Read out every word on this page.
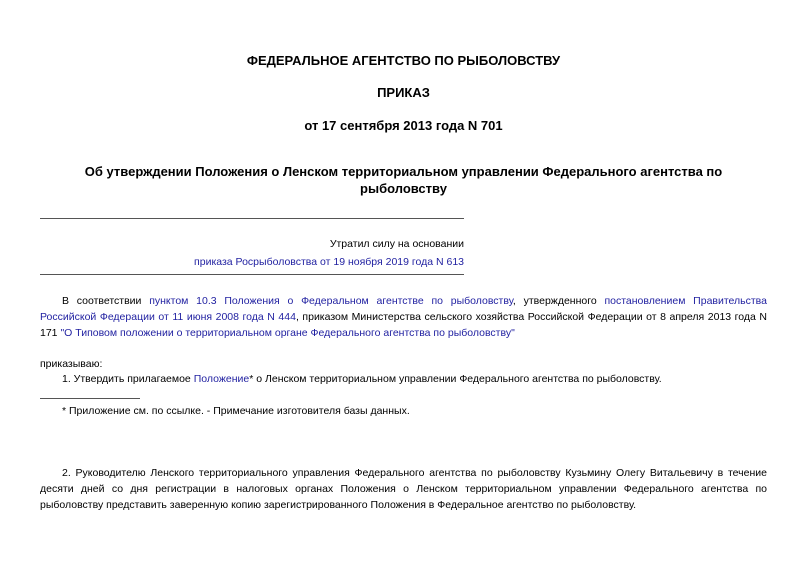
ФЕДЕРАЛЬНОЕ АГЕНТСТВО ПО РЫБОЛОВСТВУ
ПРИКАЗ
от 17 сентября 2013 года N 701
Об утверждении Положения о Ленском территориальном управлении Федерального агентства по рыболовству
Утратил силу на основании
приказа Росрыболовства от 19 ноября 2019 года N 613
В соответствии пунктом 10.3 Положения о Федеральном агентстве по рыболовству, утвержденного постановлением Правительства Российской Федерации от 11 июня 2008 года N 444, приказом Министерства сельского хозяйства Российской Федерации от 8 апреля 2013 года N 171 "О Типовом положении о территориальном органе Федерального агентства по рыболовству"
приказываю:
1. Утвердить прилагаемое Положение* о Ленском территориальном управлении Федерального агентства по рыболовству.
* Приложение см. по ссылке. - Примечание изготовителя базы данных.
2. Руководителю Ленского территориального управления Федерального агентства по рыболовству Кузьмину Олегу Витальевичу в течение десяти дней со дня регистрации в налоговых органах Положения о Ленском территориальном управлении Федерального агентства по рыболовству представить заверенную копию зарегистрированного Положения в Федеральное агентство по рыболовству.
